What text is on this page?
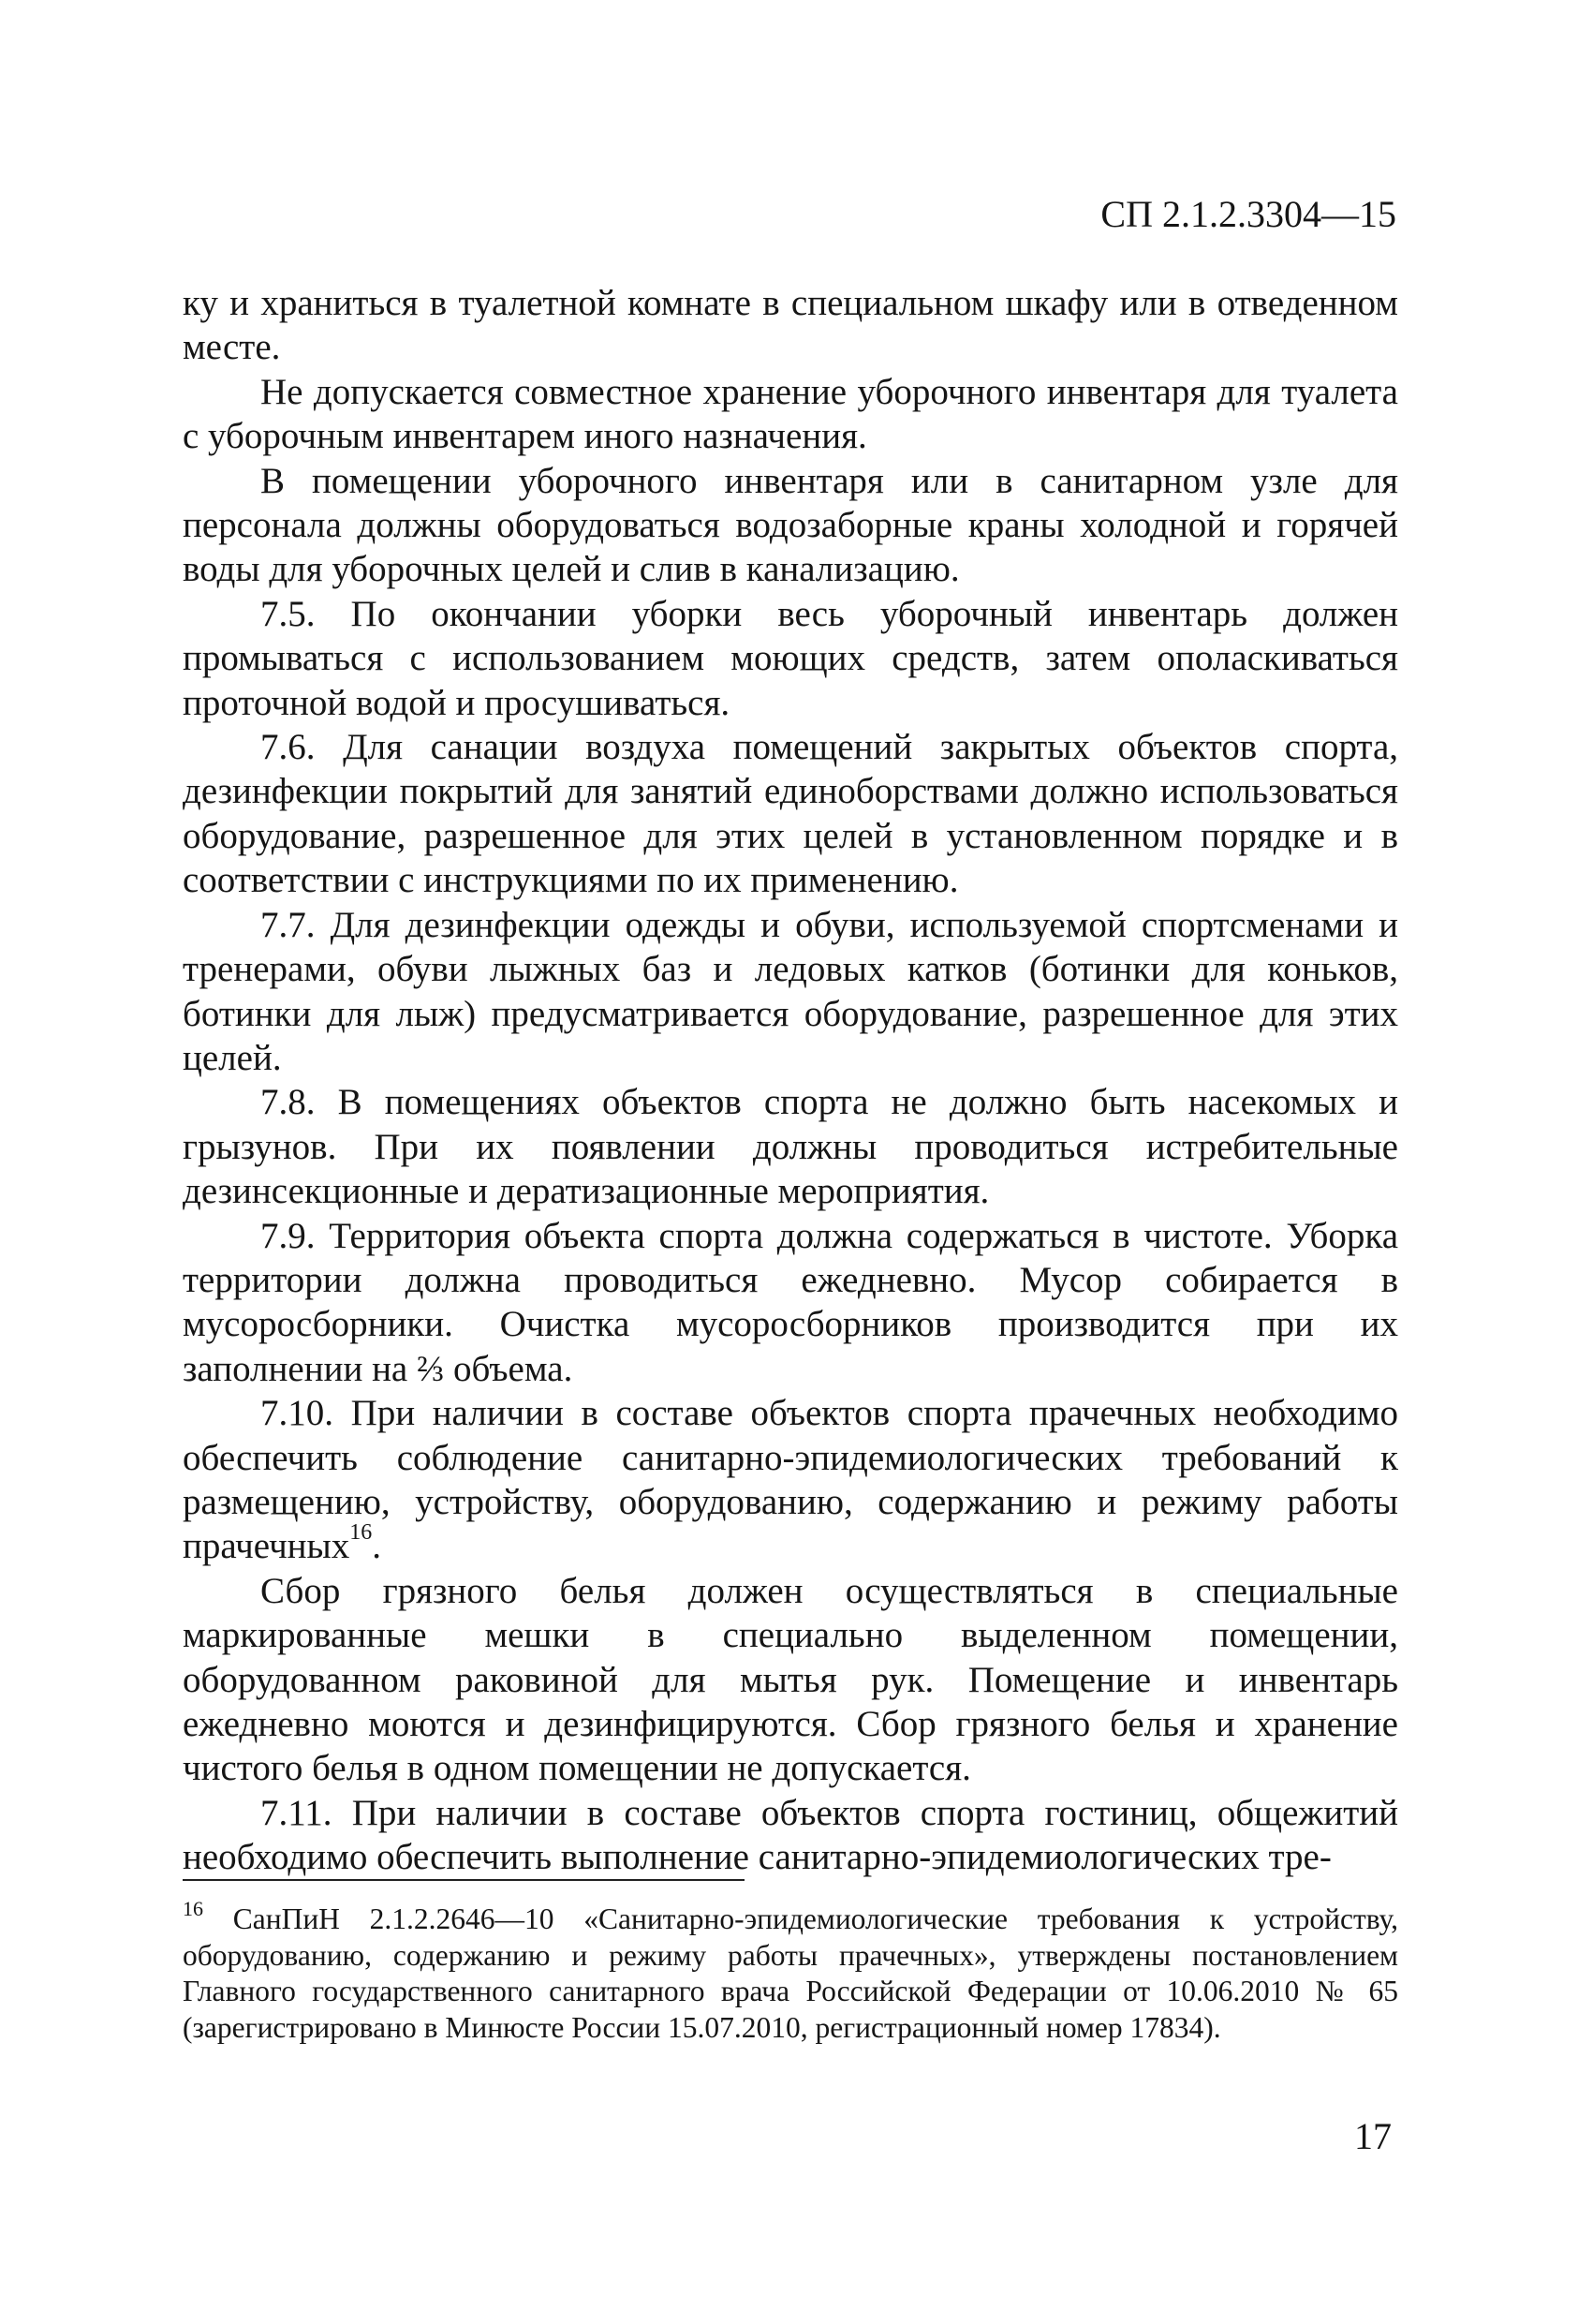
СП 2.1.2.3304—15

ку и храниться в туалетной комнате в специальном шкафу или в отведенном месте.

Не допускается совместное хранение уборочного инвентаря для туалета с уборочным инвентарем иного назначения.

В помещении уборочного инвентаря или в санитарном узле для персонала должны оборудоваться водозаборные краны холодной и горячей воды для уборочных целей и слив в канализацию.

7.5. По окончании уборки весь уборочный инвентарь должен промываться с использованием моющих средств, затем ополаскиваться проточной водой и просушиваться.

7.6. Для санации воздуха помещений закрытых объектов спорта, дезинфекции покрытий для занятий единоборствами должно использоваться оборудование, разрешенное для этих целей в установленном порядке и в соответствии с инструкциями по их применению.

7.7. Для дезинфекции одежды и обуви, используемой спортсменами и тренерами, обуви лыжных баз и ледовых катков (ботинки для коньков, ботинки для лыж) предусматривается оборудование, разрешенное для этих целей.

7.8. В помещениях объектов спорта не должно быть насекомых и грызунов. При их появлении должны проводиться истребительные дезинсекционные и дератизационные мероприятия.

7.9. Территория объекта спорта должна содержаться в чистоте. Уборка территории должна проводиться ежедневно. Мусор собирается в мусоросборники. Очистка мусоросборников производится при их заполнении на ⅔ объема.

7.10. При наличии в составе объектов спорта прачечных необходимо обеспечить соблюдение санитарно-эпидемиологических требований к размещению, устройству, оборудованию, содержанию и режиму работы прачечных$^{16}$.

Сбор грязного белья должен осуществляться в специальные маркированные мешки в специально выделенном помещении, оборудованном раковиной для мытья рук. Помещение и инвентарь ежедневно моются и дезинфицируются. Сбор грязного белья и хранение чистого белья в одном помещении не допускается.

7.11. При наличии в составе объектов спорта гостиниц, общежитий необходимо обеспечить выполнение санитарно-эпидемиологических тре-

$^{16}$ СанПиН 2.1.2.2646—10 «Санитарно-эпидемиологические требования к устройству, оборудованию, содержанию и режиму работы прачечных», утверждены постановлением Главного государственного санитарного врача Российской Федерации от 10.06.2010 № 65 (зарегистрировано в Минюсте России 15.07.2010, регистрационный номер 17834).

17
